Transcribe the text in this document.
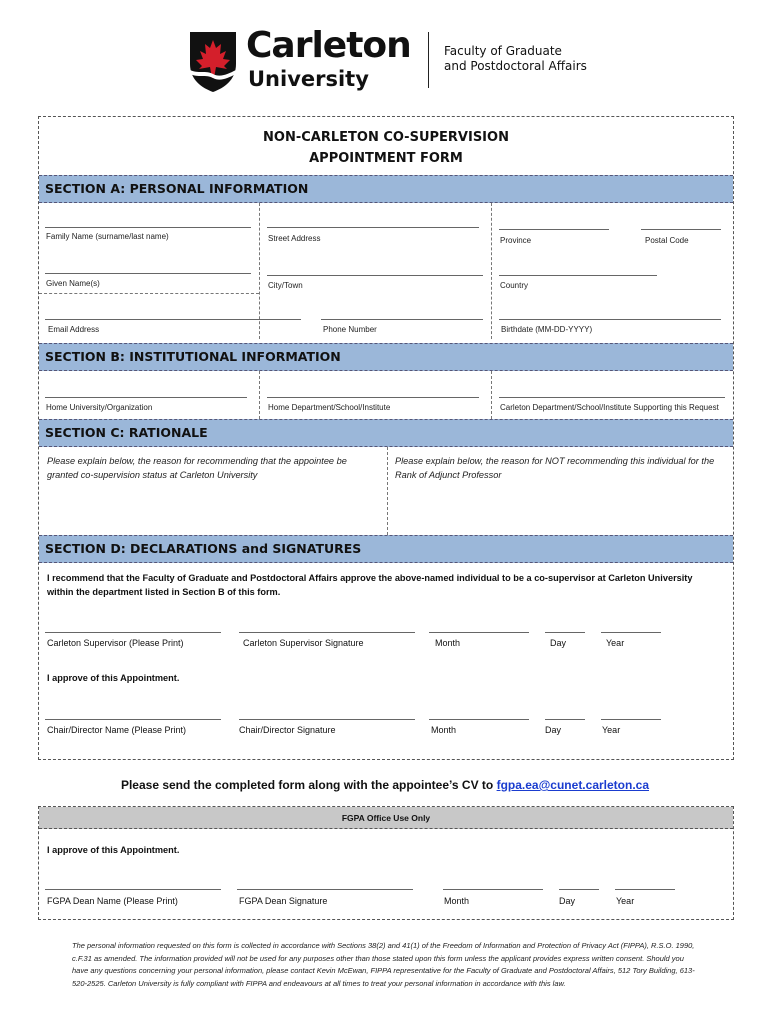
Carleton
University
Faculty of Graduate
and Postdoctoral Affairs
NON-CARLETON CO-SUPERVISION
APPOINTMENT FORM
SECTION A: PERSONAL INFORMATION
Family Name (surname/last name)	Street Address	Province	Postal Code
Given Name(s)	City/Town	Country
Email Address	Phone Number	Birthdate (MM-DD-YYYY)
SECTION B: INSTITUTIONAL INFORMATION
Home University/Organization	Home Department/School/Institute	Carleton Department/School/Institute Supporting this Request
SECTION C: RATIONALE
Please explain below, the reason for recommending that the appointee be granted co-supervision status at Carleton University
Please explain below, the reason for NOT recommending this individual for the Rank of Adjunct Professor
SECTION D: DECLARATIONS and SIGNATURES
I recommend that the Faculty of Graduate and Postdoctoral Affairs approve the above-named individual to be a co-supervisor at Carleton University within the department listed in Section B of this form.
Carleton Supervisor (Please Print)	Carleton Supervisor Signature	Month	Day	Year
I approve of this Appointment.
Chair/Director Name (Please Print)	Chair/Director Signature	Month	Day	Year
Please send the completed form along with the appointee’s CV to fgpa.ea@cunet.carleton.ca
FGPA Office Use Only
I approve of this Appointment.
FGPA Dean Name (Please Print)	FGPA Dean Signature	Month	Day	Year
The personal information requested on this form is collected in accordance with Sections 38(2) and 41(1) of the Freedom of Information and Protection of Privacy Act (FIPPA), R.S.O. 1990, c.F.31 as amended. The information provided will not be used for any purposes other than those stated upon this form unless the applicant provides express written consent. Should you have any questions concerning your personal information, please contact Kevin McEwan, FIPPA representative for the Faculty of Graduate and Postdoctoral Affairs, 512 Tory Building, 613-520-2525. Carleton University is fully compliant with FIPPA and endeavours at all times to treat your personal information in accordance with this law.
